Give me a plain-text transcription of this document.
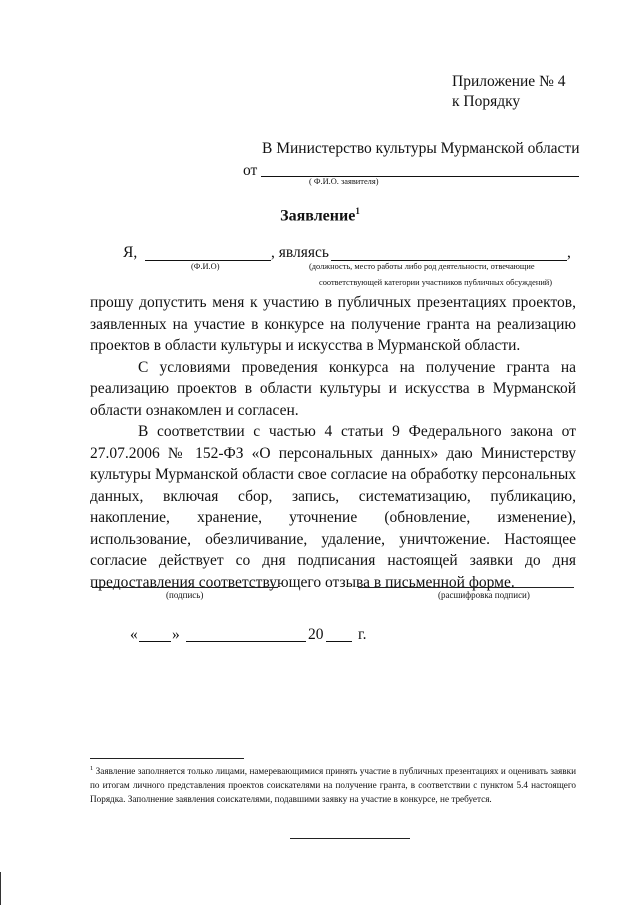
Приложение № 4
к Порядку
В Министерство культуры Мурманской области
от
( Ф.И.О. заявителя)
Заявление$^1$
Я,	, являясь	,
(Ф.И.О)	(должность, место работы либо род деятельности, отвечающие
соответствующей категории участников публичных обсуждений)

прошу допустить меня к участию в публичных презентациях проектов, заявленных на участие в конкурсе на получение гранта на реализацию проектов в области культуры и искусства в Мурманской области.

С условиями проведения конкурса на получение гранта на реализацию проектов в области культуры и искусства в Мурманской области ознакомлен и согласен.

В соответствии с частью 4 статьи 9 Федерального закона от 27.07.2006 № 152-ФЗ «О персональных данных» даю Министерству культуры Мурманской области свое согласие на обработку персональных данных, включая сбор, запись, систематизацию, публикацию, накопление, хранение, уточнение (обновление, изменение), использование, обезличивание, удаление, уничтожение. Настоящее согласие действует со дня подписания настоящей заявки до дня предоставления соответствующего отзыва в письменной форме.

(подпись)	(расшифровка подписи)
« »	20 г.
$^1$ Заявление заполняется только лицами, намеревающимися принять участие в публичных презентациях и оценивать заявки по итогам личного представления проектов соискателями на получение гранта, в соответствии с пунктом 5.4 настоящего Порядка. Заполнение заявления соискателями, подавшими заявку на участие в конкурсе, не требуется.
